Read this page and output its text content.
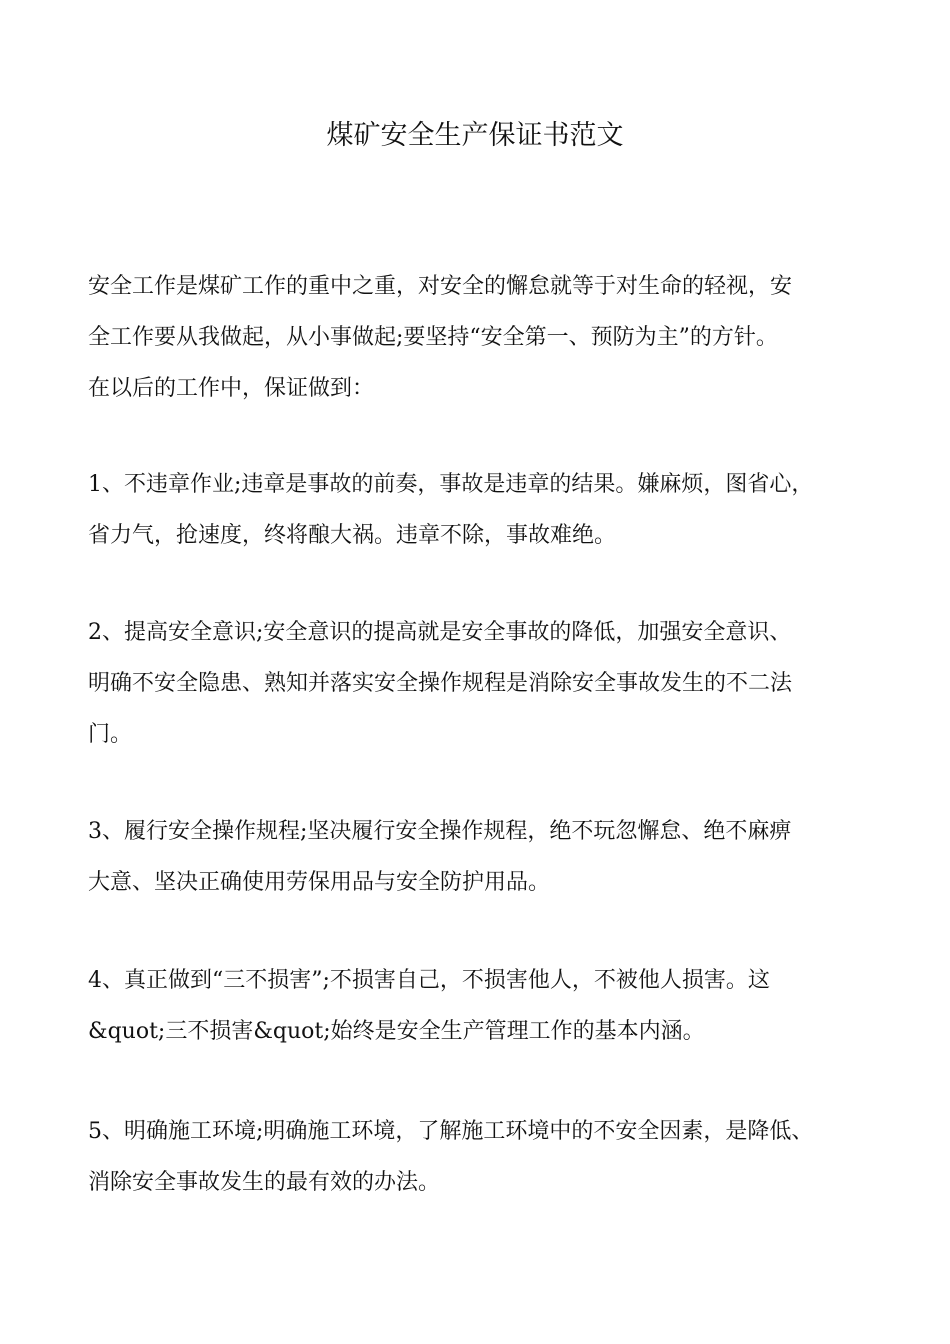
煤矿安全生产保证书范文

安全工作是煤矿工作的重中之重，对安全的懈怠就等于对生命的轻视，安
全工作要从我做起，从小事做起;要坚持“安全第一、预防为主”的方针。
在以后的工作中，保证做到：

1、不违章作业;违章是事故的前奏，事故是违章的结果。嫌麻烦，图省心，
省力气，抢速度，终将酿大祸。违章不除，事故难绝。

2、提高安全意识;安全意识的提高就是安全事故的降低，加强安全意识、
明确不安全隐患、熟知并落实安全操作规程是消除安全事故发生的不二法
门。

3、履行安全操作规程;坚决履行安全操作规程，绝不玩忽懈怠、绝不麻痹
大意、坚决正确使用劳保用品与安全防护用品。

4、真正做到“三不损害”;不损害自己，不损害他人，不被他人损害。这
&quot;三不损害&quot;始终是安全生产管理工作的基本内涵。

5、明确施工环境;明确施工环境，了解施工环境中的不安全因素，是降低、
消除安全事故发生的最有效的办法。
